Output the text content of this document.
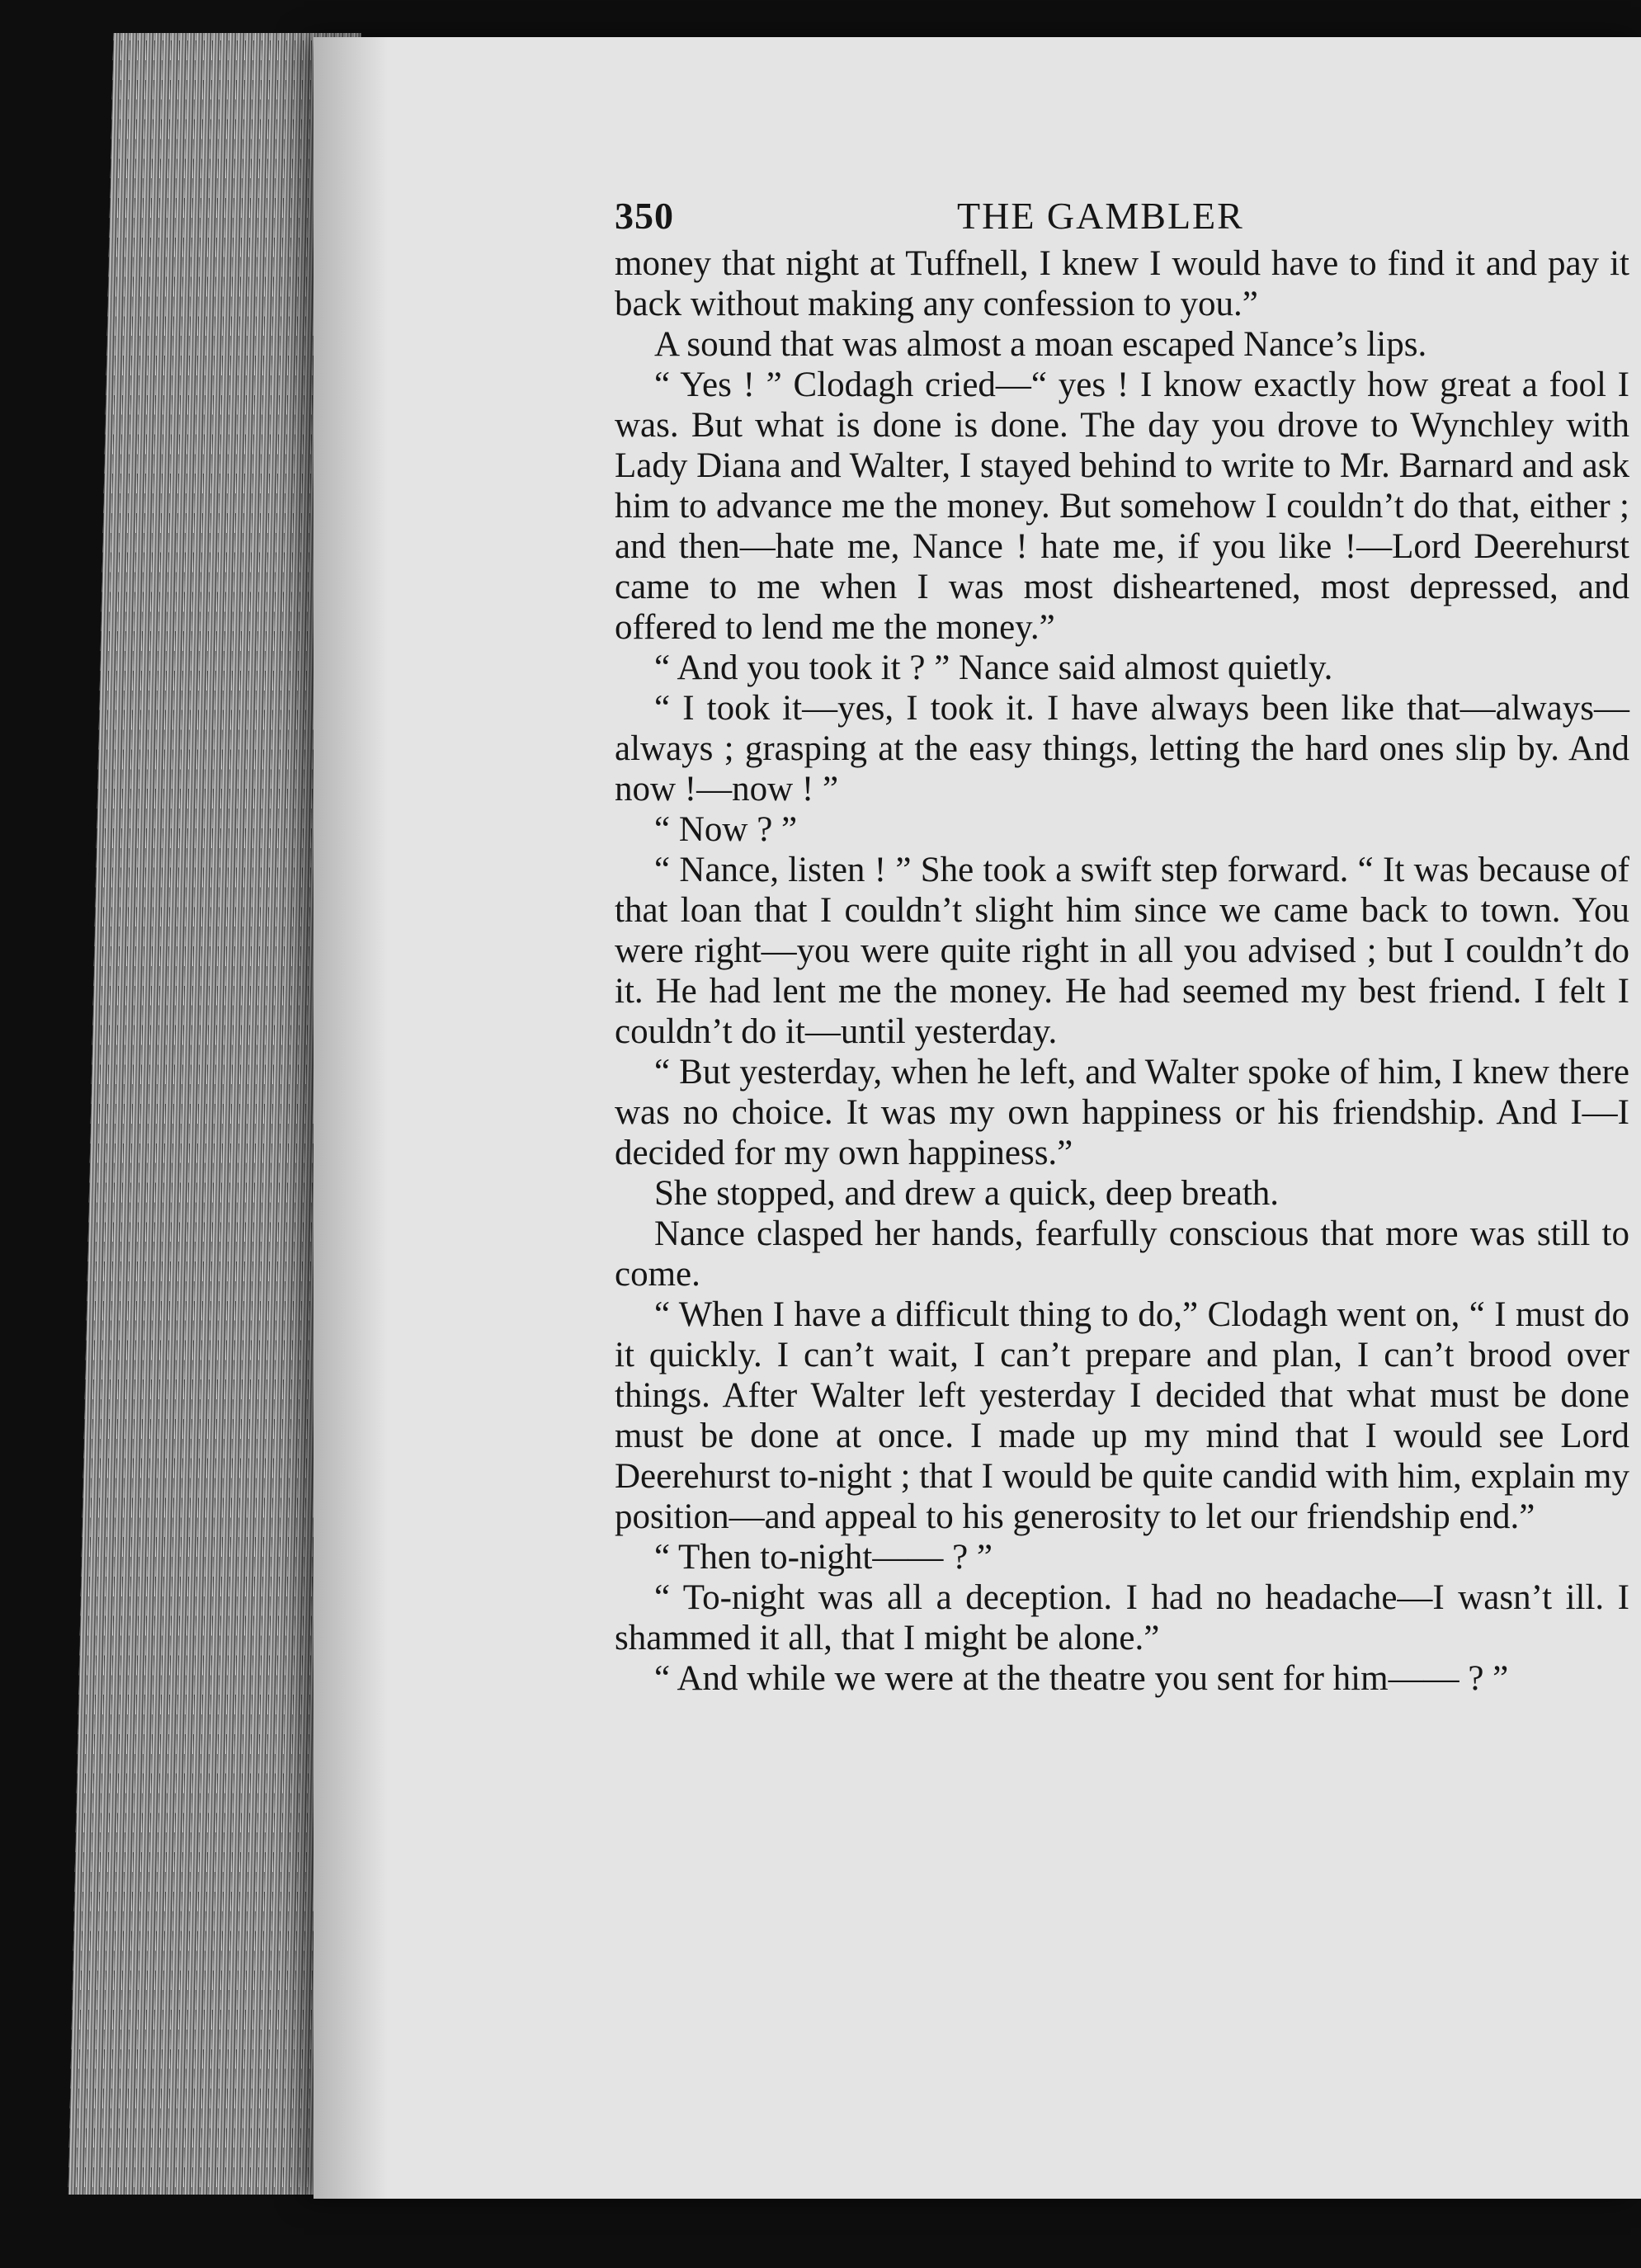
350	THE GAMBLER

money that night at Tuffnell, I knew I would have to find it and pay it back without making any confession to you.”

A sound that was almost a moan escaped Nance’s lips.

“ Yes ! ” Clodagh cried—“ yes ! I know exactly how great a fool I was. But what is done is done. The day you drove to Wynchley with Lady Diana and Walter, I stayed behind to write to Mr. Barnard and ask him to advance me the money. But somehow I couldn’t do that, either ; and then—hate me, Nance ! hate me, if you like !—Lord Deerehurst came to me when I was most disheartened, most depressed, and offered to lend me the money.”

“ And you took it ? ” Nance said almost quietly.

“ I took it—yes, I took it. I have always been like that—always—always ; grasping at the easy things, letting the hard ones slip by. And now !—now ! ”

“ Now ? ”

“ Nance, listen ! ” She took a swift step forward. “ It was because of that loan that I couldn’t slight him since we came back to town. You were right—you were quite right in all you advised ; but I couldn’t do it. He had lent me the money. He had seemed my best friend. I felt I couldn’t do it—until yesterday.

“ But yesterday, when he left, and Walter spoke of him, I knew there was no choice. It was my own happiness or his friendship. And I—I decided for my own happiness.”

She stopped, and drew a quick, deep breath.

Nance clasped her hands, fearfully conscious that more was still to come.

“ When I have a difficult thing to do,” Clodagh went on, “ I must do it quickly. I can’t wait, I can’t prepare and plan, I can’t brood over things. After Walter left yesterday I decided that what must be done must be done at once. I made up my mind that I would see Lord Deerehurst to-night ; that I would be quite candid with him, explain my position—and appeal to his generosity to let our friendship end.”

“ Then to-night—— ? ”

“ To-night was all a deception. I had no headache—I wasn’t ill. I shammed it all, that I might be alone.”

“ And while we were at the theatre you sent for him—— ? ”
